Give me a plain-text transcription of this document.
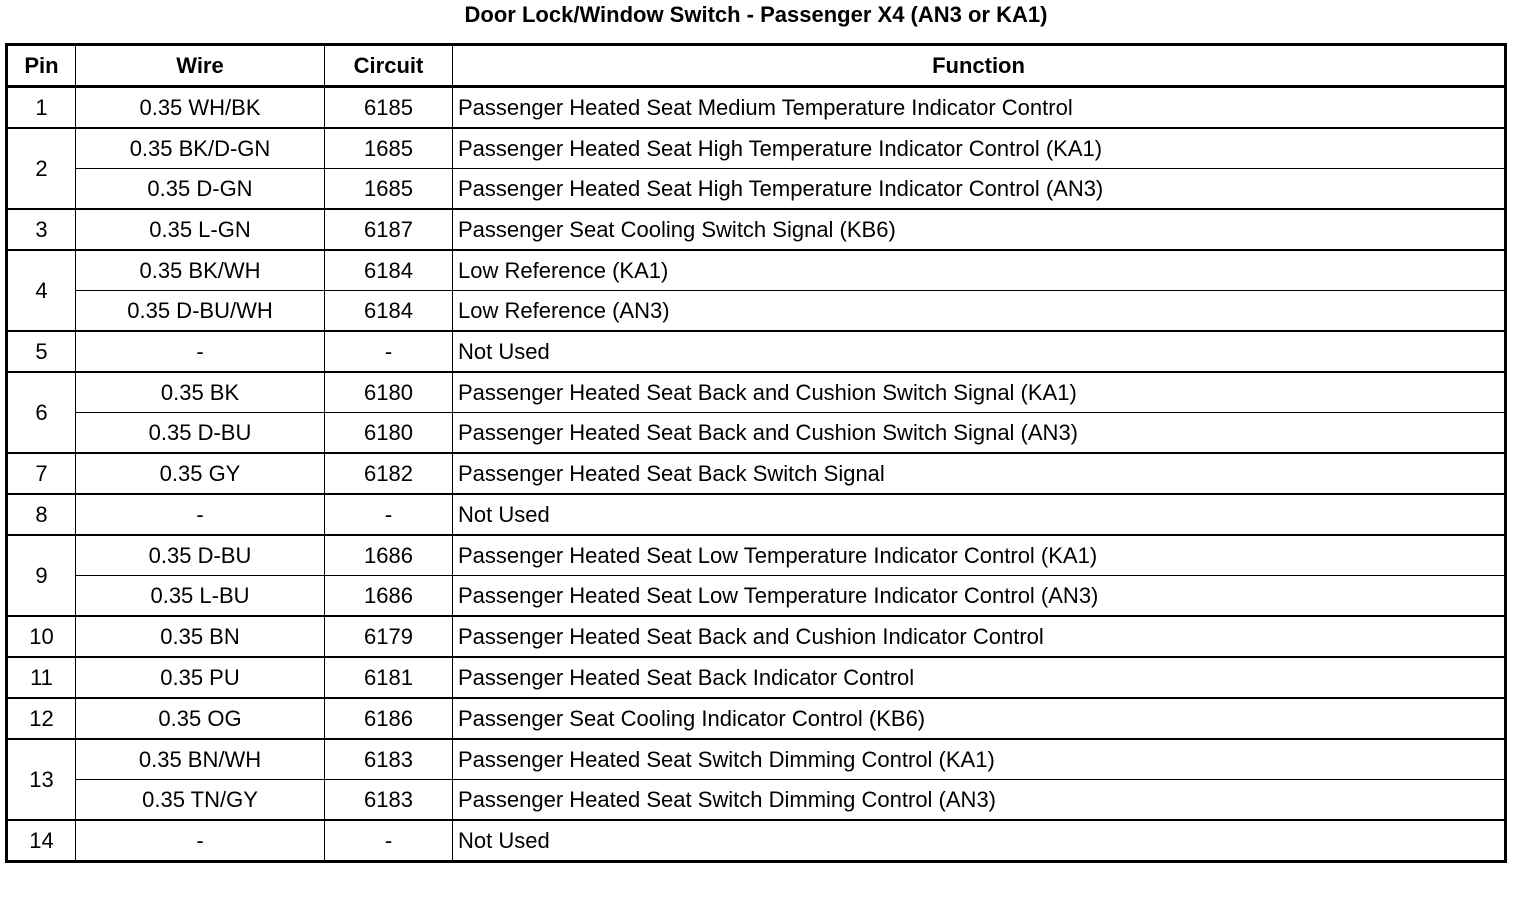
Door Lock/Window Switch - Passenger X4 (AN3 or KA1)
Pin	Wire	Circuit	Function
1	0.35 WH/BK	6185	Passenger Heated Seat Medium Temperature Indicator Control
2	0.35 BK/D-GN	1685	Passenger Heated Seat High Temperature Indicator Control (KA1)
	0.35 D-GN	1685	Passenger Heated Seat High Temperature Indicator Control (AN3)
3	0.35 L-GN	6187	Passenger Seat Cooling Switch Signal (KB6)
4	0.35 BK/WH	6184	Low Reference (KA1)
	0.35 D-BU/WH	6184	Low Reference (AN3)
5	-	-	Not Used
6	0.35 BK	6180	Passenger Heated Seat Back and Cushion Switch Signal (KA1)
	0.35 D-BU	6180	Passenger Heated Seat Back and Cushion Switch Signal (AN3)
7	0.35 GY	6182	Passenger Heated Seat Back Switch Signal
8	-	-	Not Used
9	0.35 D-BU	1686	Passenger Heated Seat Low Temperature Indicator Control (KA1)
	0.35 L-BU	1686	Passenger Heated Seat Low Temperature Indicator Control (AN3)
10	0.35 BN	6179	Passenger Heated Seat Back and Cushion Indicator Control
11	0.35 PU	6181	Passenger Heated Seat Back Indicator Control
12	0.35 OG	6186	Passenger Seat Cooling Indicator Control (KB6)
13	0.35 BN/WH	6183	Passenger Heated Seat Switch Dimming Control (KA1)
	0.35 TN/GY	6183	Passenger Heated Seat Switch Dimming Control (AN3)
14	-	-	Not Used
